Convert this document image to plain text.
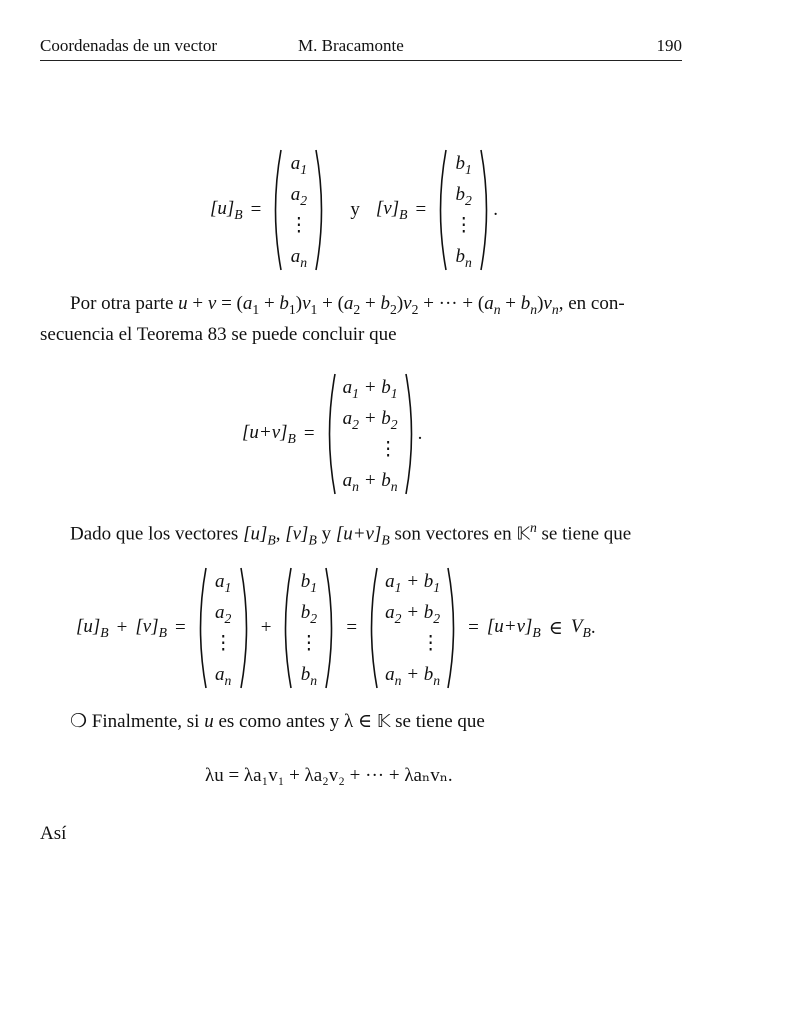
Coordenadas de un vector	M. Bracamonte	190
$[u]_B$ =
$a_1$
$a_2$
⋮
$a_n$
y $[v]_B$ =
$b_1$
$b_2$
⋮
$b_n$
.
Por otra parte $u + v = (a_1 + b_1)v_1 + (a_2 + b_2)v_2$ + ··· + $(a_n + b_n)v_n$, en con-
secuencia el Teorema 83 se puede concluir que
$[u+v]_B$ =
$a_1 + b_1$
$a_2 + b_2$
⋮
$a_n + b_n$
.
Dado que los vectores $[u]_B$, $[v]_B$ y $[u+v]_B$ son vectores en 𝕂$^n$ se tiene que
$[u]_B + [v]_B$ =
$a_1$
$a_2$
⋮
$a_n$
+
$b_1$
$b_2$
⋮
$b_n$
=
$a_1 + b_1$
$a_2 + b_2$
⋮
$a_n + b_n$
= $[u+v]_B$ ∈ $V_B$ .
❍ Finalmente, si u es como antes y λ ∈ 𝕂 se tiene que
λu = λa₁v₁ + λa₂v₂ + ··· + λaₙvₙ.
Así
